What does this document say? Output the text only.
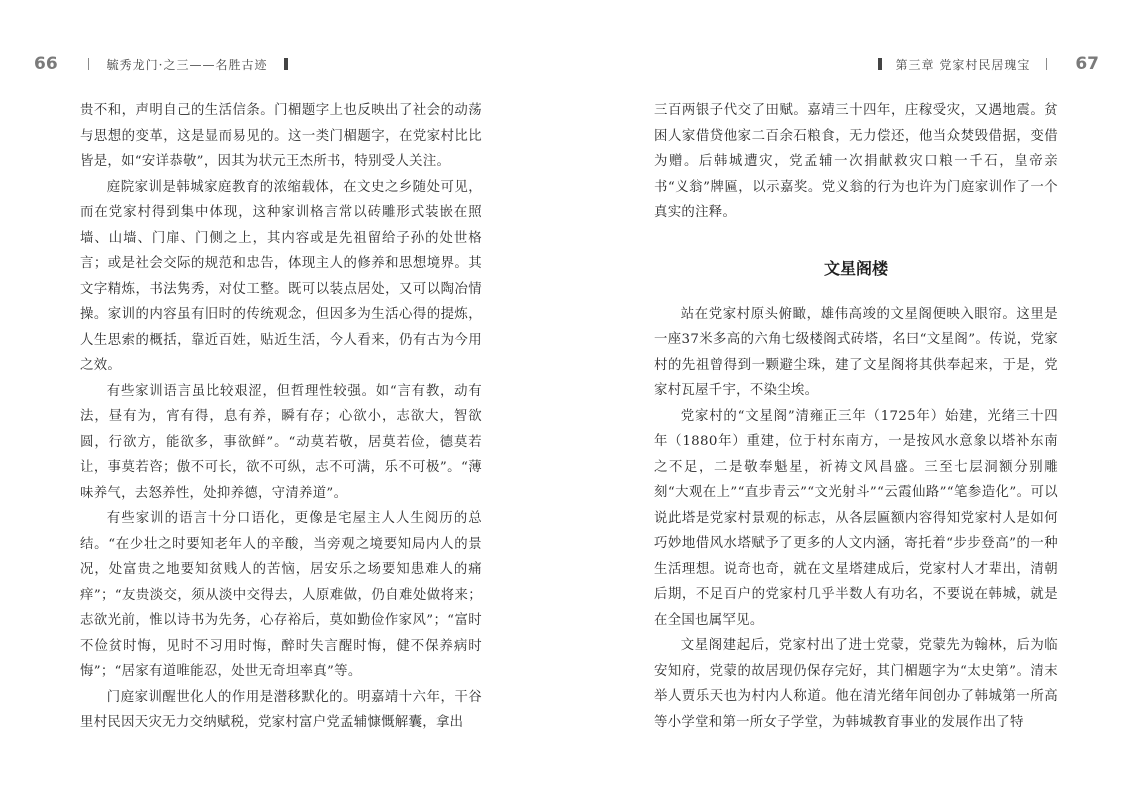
66	毓秀龙门·之三——名胜古迹

贵不和，声明自己的生活信条。门楣题字上也反映出了社会的动荡与思想的变革，这是显而易见的。这一类门楣题字，在党家村比比皆是，如“安详恭敬”，因其为状元王杰所书，特别受人关注。

庭院家训是韩城家庭教育的浓缩载体，在文史之乡随处可见，而在党家村得到集中体现，这种家训格言常以砖雕形式装嵌在照墙、山墙、门扉、门侧之上，其内容或是先祖留给子孙的处世格言；或是社会交际的规范和忠告，体现主人的修养和思想境界。其文字精炼，书法隽秀，对仗工整。既可以装点居处，又可以陶冶情操。家训的内容虽有旧时的传统观念，但因多为生活心得的提炼，人生思索的概括，靠近百姓，贴近生活，今人看来，仍有古为今用之效。

有些家训语言虽比较艰涩，但哲理性较强。如“言有教，动有法，昼有为，宵有得，息有养，瞬有存；心欲小，志欲大，智欲圆，行欲方，能欲多，事欲鲜”。“动莫若敬，居莫若俭，德莫若让，事莫若咨；傲不可长，欲不可纵，志不可满，乐不可极”。“薄味养气，去怒养性，处抑养德，守清养道”。

有些家训的语言十分口语化，更像是宅屋主人人生阅历的总结。“在少壮之时要知老年人的辛酸，当旁观之境要知局内人的景况，处富贵之地要知贫贱人的苦恼，居安乐之场要知患难人的痛痒”；“友贵淡交，须从淡中交得去，人原难做，仍自难处做将来；志欲光前，惟以诗书为先务，心存裕后，莫如勤俭作家风”；“富时不俭贫时悔，见时不习用时悔，醉时失言醒时悔，健不保养病时悔”；“居家有道唯能忍，处世无奇坦率真”等。

门庭家训醒世化人的作用是潜移默化的。明嘉靖十六年，干谷里村民因天灾无力交纳赋税，党家村富户党孟辅慷慨解囊，拿出

第三章 党家村民居瑰宝	67

三百两银子代交了田赋。嘉靖三十四年，庄稼受灾，又遇地震。贫困人家借贷他家二百余石粮食，无力偿还，他当众焚毁借据，变借为赠。后韩城遭灾，党孟辅一次捐献救灾口粮一千石，皇帝亲书“义翁”牌匾，以示嘉奖。党义翁的行为也许为门庭家训作了一个真实的注释。

文星阁楼

站在党家村原头俯瞰，雄伟高竣的文星阁便映入眼帘。这里是一座37米多高的六角七级楼阁式砖塔，名曰“文星阁”。传说，党家村的先祖曾得到一颗避尘珠，建了文星阁将其供奉起来，于是，党家村瓦屋千宇，不染尘埃。

党家村的“文星阁”清雍正三年（1725年）始建，光绪三十四年（1880年）重建，位于村东南方，一是按风水意象以塔补东南之不足，二是敬奉魁星，祈祷文风昌盛。三至七层洞额分别雕刻“大观在上”“直步青云”“文光射斗”“云霞仙路”“笔参造化”。可以说此塔是党家村景观的标志，从各层匾额内容得知党家村人是如何巧妙地借风水塔赋予了更多的人文内涵，寄托着“步步登高”的一种生活理想。说奇也奇，就在文星塔建成后，党家村人才辈出，清朝后期，不足百户的党家村几乎半数人有功名，不要说在韩城，就是在全国也属罕见。

文星阁建起后，党家村出了进士党蒙，党蒙先为翰林，后为临安知府，党蒙的故居现仍保存完好，其门楣题字为“太史第”。清末举人贾乐天也为村内人称道。他在清光绪年间创办了韩城第一所高等小学堂和第一所女子学堂，为韩城教育事业的发展作出了特
